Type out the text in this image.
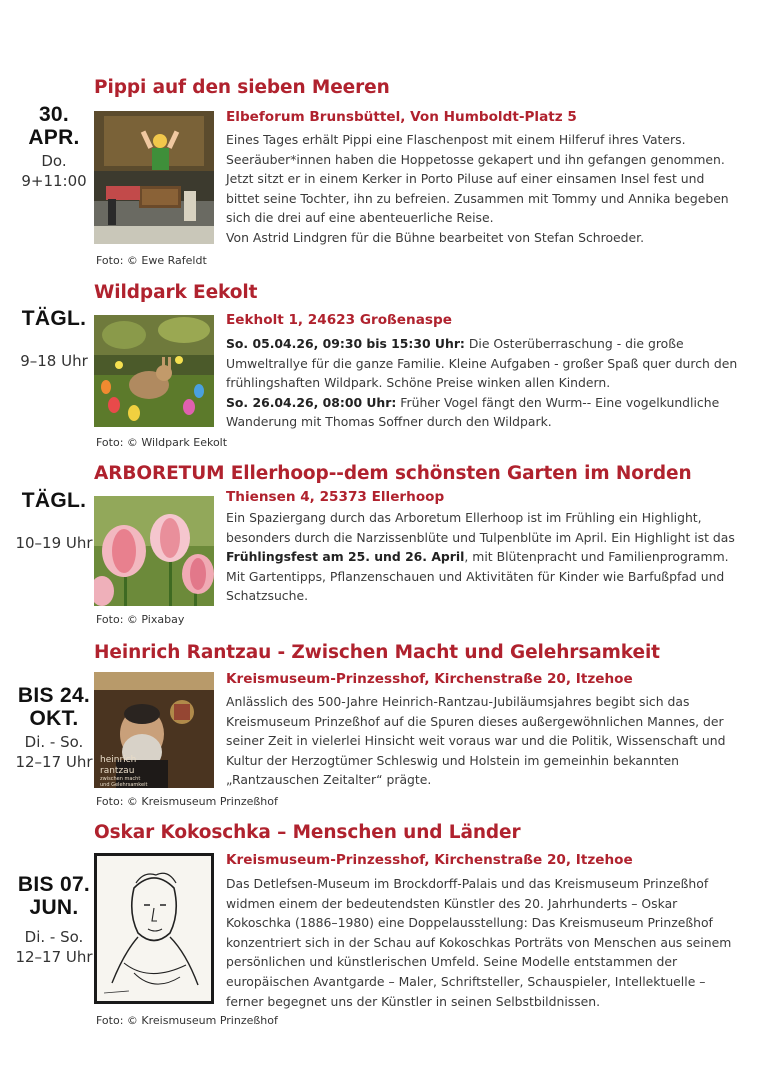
Pippi auf den sieben Meeren
30.
APR.
Do.
9+11:00
Elbeforum Brunsbüttel, Von Humboldt-Platz 5

Eines Tages erhält Pippi eine Flaschenpost mit einem Hilferuf ihres Vaters. Seeräuber*innen haben die Hoppetosse gekapert und ihn gefangen genommen. Jetzt sitzt er in einem Kerker in Porto Piluse auf einer einsamen Insel fest und bittet seine Tochter, ihn zu befreien. Zusammen mit Tommy und Annika begeben sich die drei auf eine abenteuerliche Reise.

Von Astrid Lindgren für die Bühne bearbeitet von Stefan Schroeder.

Foto: © Ewe Rafeldt
Wildpark Eekolt
TÄGL.
9–18 Uhr
Eekholt 1, 24623 Großenaspe

So. 05.04.26, 09:30 bis 15:30 Uhr: Die Osterüberraschung - die große Umweltrallye für die ganze Familie. Kleine Aufgaben - großer Spaß quer durch den frühlingshaften Wildpark. Schöne Preise winken allen Kindern.

So. 26.04.26, 08:00 Uhr: Früher Vogel fängt den Wurm-- Eine vogelkundliche Wanderung mit Thomas Soffner durch den Wildpark.

Foto: © Wildpark Eekolt
ARBORETUM Ellerhoop--dem schönsten Garten im Norden
TÄGL.
10–19 Uhr
Thiensen 4, 25373 Ellerhoop

Ein Spaziergang durch das Arboretum Ellerhoop ist im Frühling ein Highlight, besonders durch die Narzissenblüte und Tulpenblüte im April. Ein Highlight ist das Frühlingsfest am 25. und 26. April, mit Blütenpracht und Familienprogramm. Mit Gartentipps, Pflanzenschauen und Aktivitäten für Kinder wie Barfußpfad und Schatzsuche.

Foto: © Pixabay
Heinrich Rantzau - Zwischen Macht und Gelehrsamkeit
BIS 24.
OKT.
Di. - So.
12–17 Uhr heinrich
rantzau
zwischen macht
und Gelehrsamkeit
Kreismuseum-Prinzesshof, Kirchenstraße 20, Itzehoe

Anlässlich des 500-Jahre Heinrich-Rantzau-Jubiläumsjahres begibt sich das Kreismuseum Prinzeßhof auf die Spuren dieses außergewöhnlichen Mannes, der seiner Zeit in vielerlei Hinsicht weit voraus war und die Politik, Wissenschaft und Kultur der Herzogtümer Schleswig und Holstein im gemeinhin bekannten „Rantzauschen Zeitalter“ prägte.

Foto: © Kreismuseum Prinzeßhof
Oskar Kokoschka – Menschen und Länder
BIS 07.
JUN.
Di. - So.
12–17 Uhr
Kreismuseum-Prinzesshof, Kirchenstraße 20, Itzehoe

Das Detlefsen-Museum im Brockdorff-Palais und das Kreismuseum Prinzeßhof widmen einem der bedeutendsten Künstler des 20. Jahrhunderts – Oskar Kokoschka (1886–1980) eine Doppelausstellung: Das Kreismuseum Prinzeßhof konzentriert sich in der Schau auf Kokoschkas Porträts von Menschen aus seinem persönlichen und künstlerischen Umfeld. Seine Modelle entstammen der europäischen Avantgarde – Maler, Schriftsteller, Schauspieler, Intellektuelle – ferner begegnet uns der Künstler in seinen Selbstbildnissen.

Foto: © Kreismuseum Prinzeßhof
